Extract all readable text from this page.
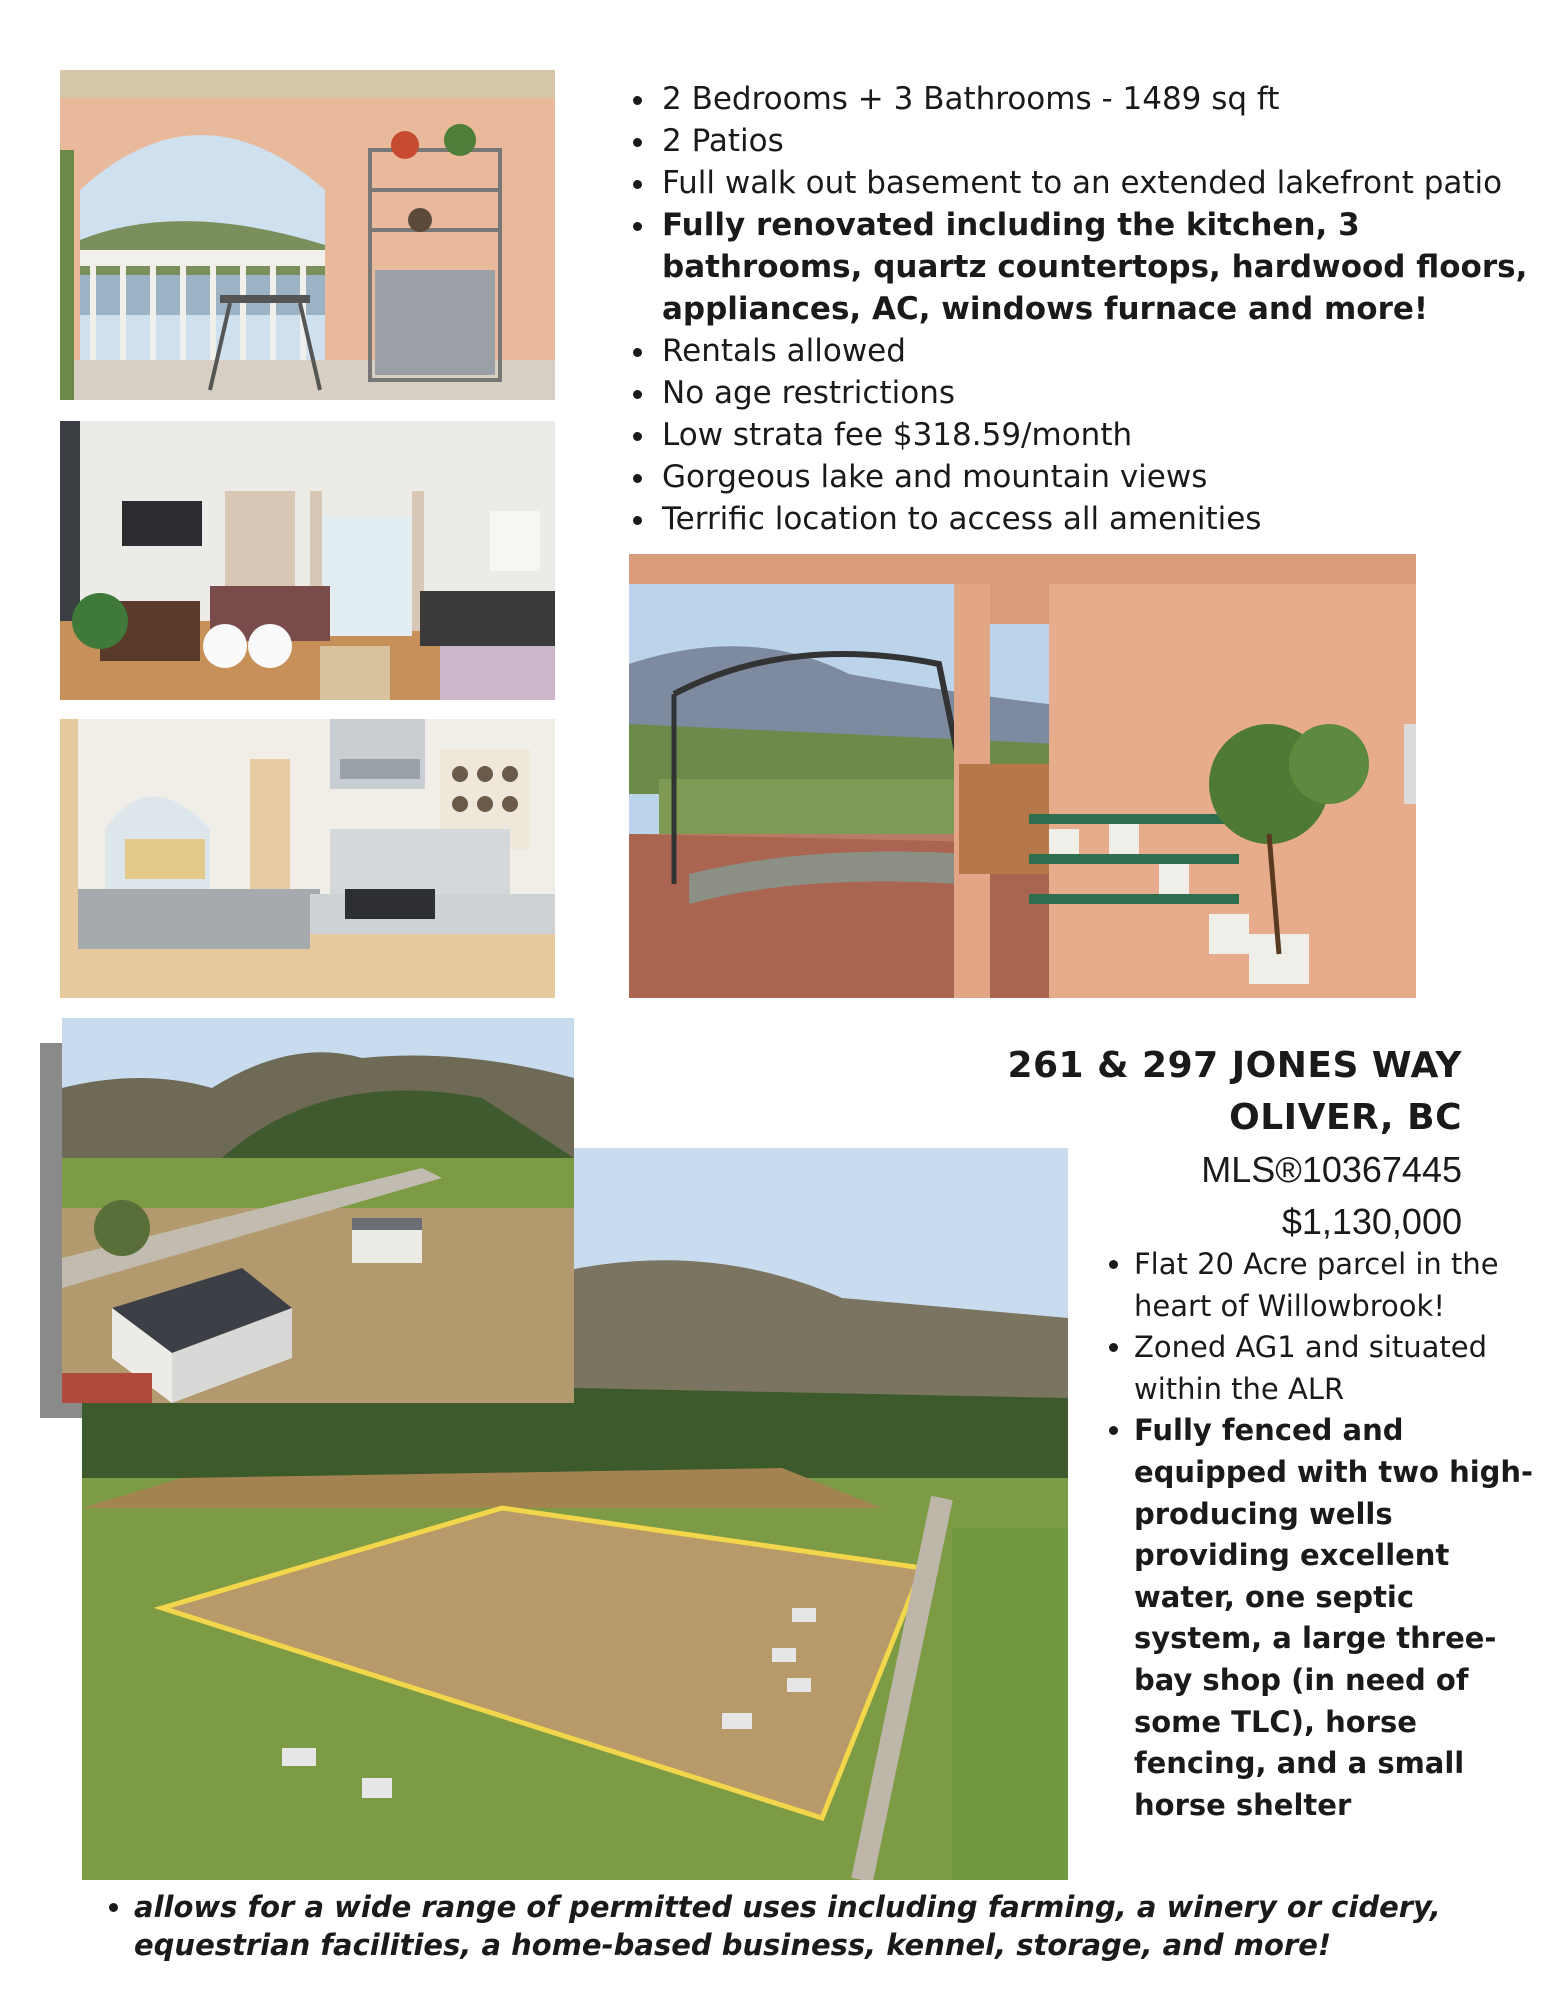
• 2 Bedrooms + 3 Bathrooms - 1489 sq ft
• 2 Patios
• Full walk out basement to an extended lakefront patio
• Fully renovated including the kitchen, 3 bathrooms, quartz countertops, hardwood floors, appliances, AC, windows furnace and more!
• Rentals allowed
• No age restrictions
• Low strata fee $318.59/month
• Gorgeous lake and mountain views
• Terrific location to access all amenities
261 & 297 JONES WAY
OLIVER, BC
MLS®10367445
$1,130,000
• Flat 20 Acre parcel in the heart of Willowbrook!
• Zoned AG1 and situated within the ALR
• Fully fenced and equipped with two high-producing wells providing excellent water, one septic system, a large three-bay shop (in need of some TLC), horse fencing, and a small horse shelter
• allows for a wide range of permitted uses including farming, a winery or cidery, equestrian facilities, a home-based business, kennel, storage, and more!
